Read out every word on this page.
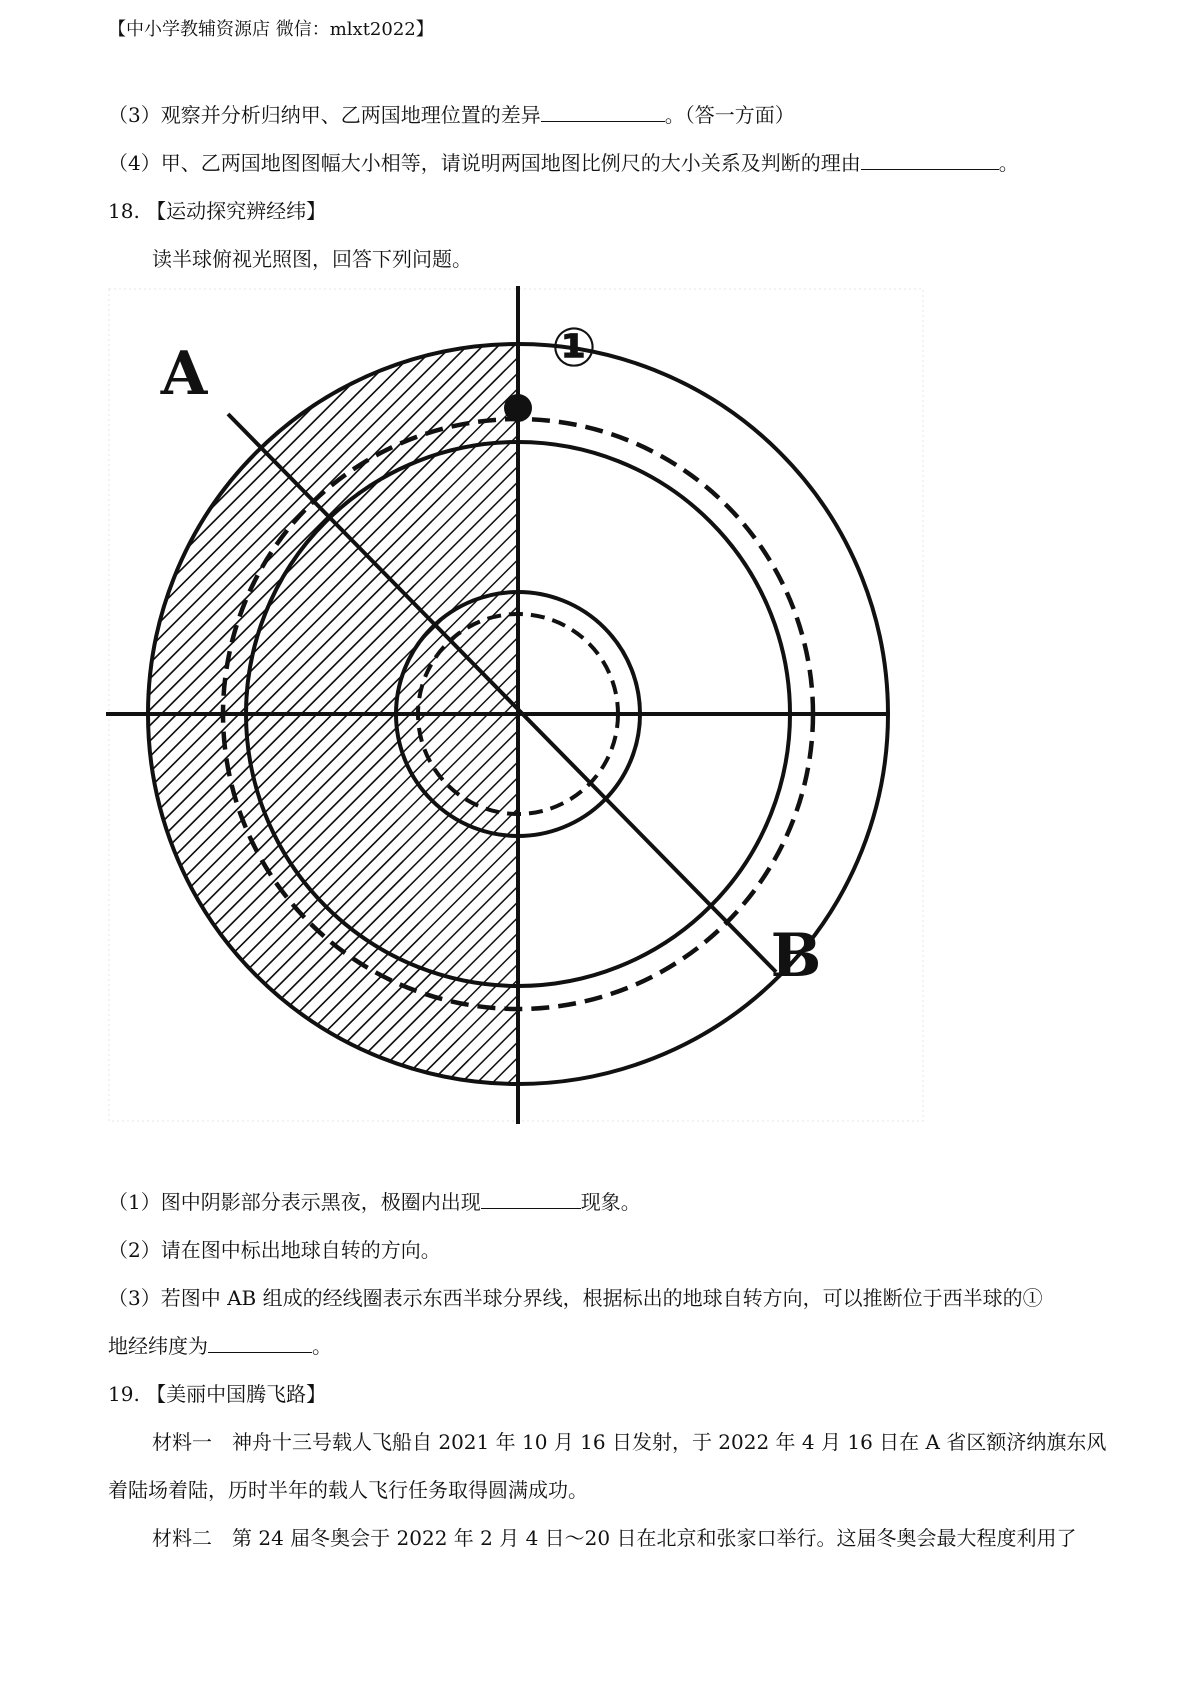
【中小学教辅资源店 微信：mlxt2022】
（3）观察并分析归纳甲、乙两国地理位置的差异	。（答一方面）
（4）甲、乙两国地图图幅大小相等，请说明两国地图比例尺的大小关系及判断的理由	。
18. 【运动探究辨经纬】
读半球俯视光照图，回答下列问题。
①
A
B
（1）图中阴影部分表示黑夜，极圈内出现	现象。
（2）请在图中标出地球自转的方向。
（3）若图中 AB 组成的经线圈表示东西半球分界线，根据标出的地球自转方向，可以推断位于西半球的①
地经纬度为	。
19. 【美丽中国腾飞路】
材料一　神舟十三号载人飞船自 2021 年 10 月 16 日发射，于 2022 年 4 月 16 日在 A 省区额济纳旗东风
着陆场着陆，历时半年的载人飞行任务取得圆满成功。
材料二　第 24 届冬奥会于 2022 年 2 月 4 日～20 日在北京和张家口举行。这届冬奥会最大程度利用了
